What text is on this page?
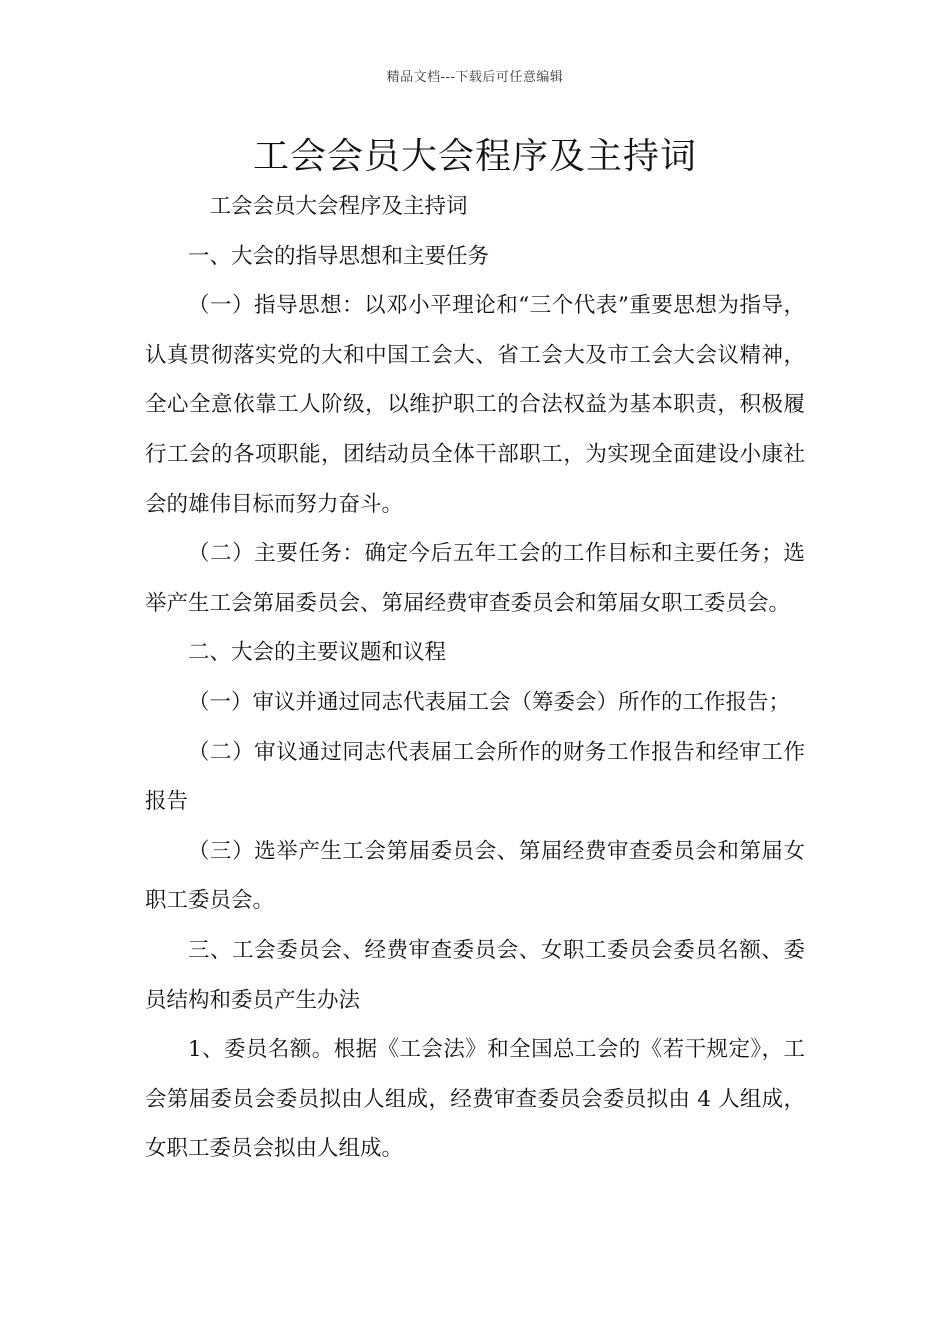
精品文档---下载后可任意编辑
工会会员大会程序及主持词

工会会员大会程序及主持词

一、大会的指导思想和主要任务

（一）指导思想：以邓小平理论和“三个代表”重要思想为指导，认真贯彻落实党的大和中国工会大、省工会大及市工会大会议精神，全心全意依靠工人阶级，以维护职工的合法权益为基本职责，积极履行工会的各项职能，团结动员全体干部职工，为实现全面建设小康社会的雄伟目标而努力奋斗。

（二）主要任务：确定今后五年工会的工作目标和主要任务；选举产生工会第届委员会、第届经费审查委员会和第届女职工委员会。

二、大会的主要议题和议程

（一）审议并通过同志代表届工会（筹委会）所作的工作报告；

（二）审议通过同志代表届工会所作的财务工作报告和经审工作报告

（三）选举产生工会第届委员会、第届经费审查委员会和第届女职工委员会。

三、工会委员会、经费审查委员会、女职工委员会委员名额、委员结构和委员产生办法

1、委员名额。根据《工会法》和全国总工会的《若干规定》，工会第届委员会委员拟由人组成，经费审查委员会委员拟由 4 人组成，女职工委员会拟由人组成。
